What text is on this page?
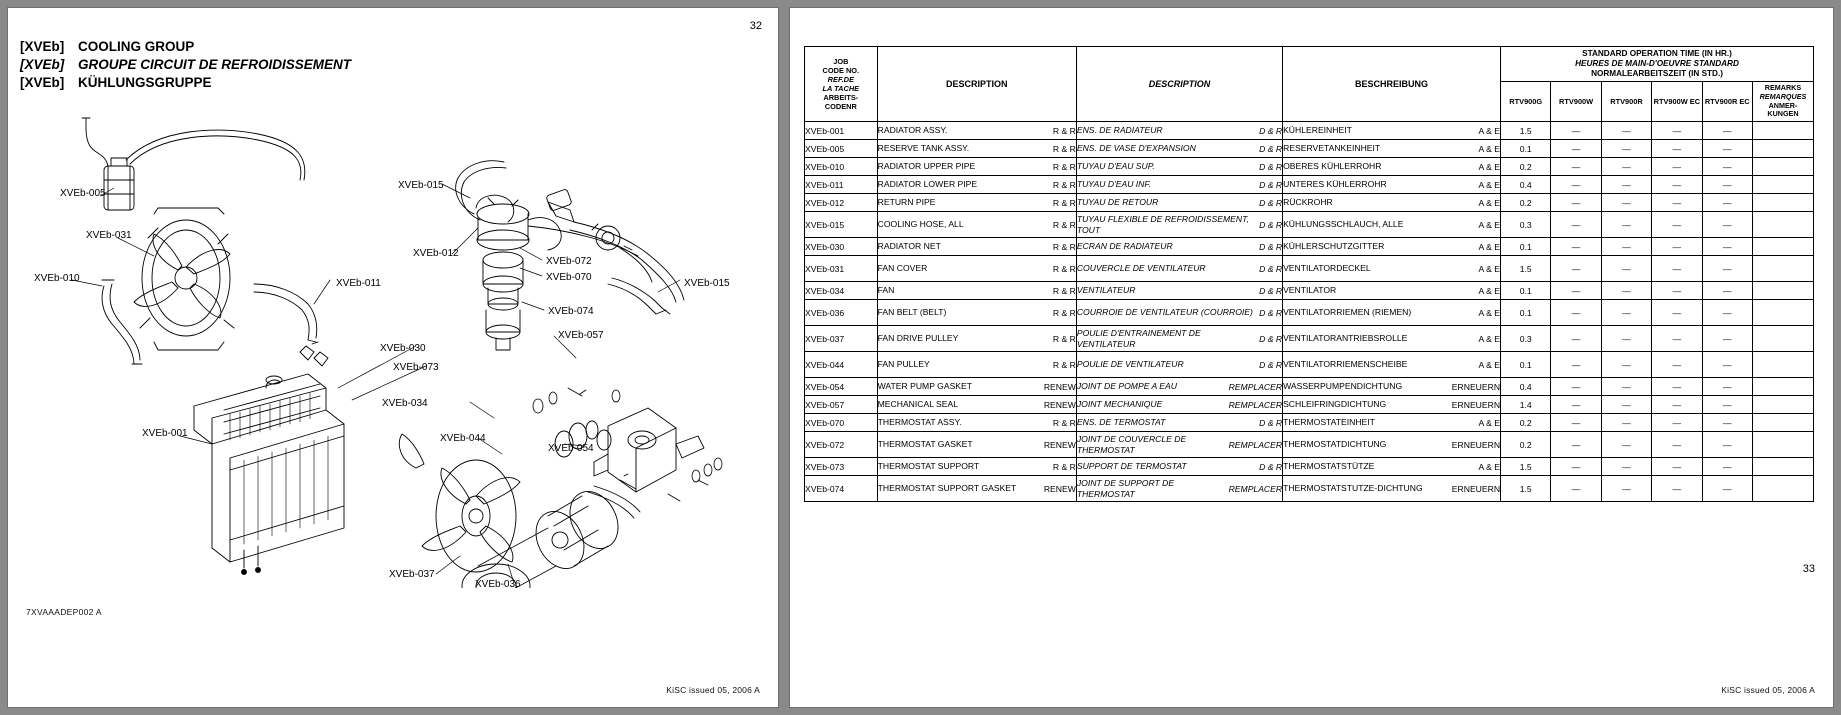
32
[XVEb] COOLING GROUP
[XVEb] GROUPE CIRCUIT DE REFROIDISSEMENT
[XVEb] KÜHLUNGSGRUPPE
XVEb-005
XVEb-031
XVEb-010	XVEb-011
XVEb-015
XVEb-012
XVEb-072
XVEb-070
XVEb-074
XVEb-015
XVEb-030
XVEb-073
XVEb-057
XVEb-034
XVEb-044
XVEb-001
XVEb-054
XVEb-037
XVEb-036
7XVAAADEP002 A
KiSC issued 05, 2006 A
JOB
CODE NO.
REF.DE
LA TACHE
ARBEITS-
CODENR	DESCRIPTION	DESCRIPTION	BESCHREIBUNG	
STANDARD OPERATION TIME (IN HR.)
HEURES DE MAIN-D'OEUVRE STANDARD
NORMALEARBEITSZEIT (IN STD.)

				RTV900G	RTV900W	RTV900R	RTV900W EC	RTV900R EC	REMARKS
REMARQUES
ANMER-
KUNGEN
XVEb-001	RADIATOR ASSY. R & R	ENS. DE RADIATEUR D & R	KÜHLEREINHEIT A & E	1.5	—	—	—	—	
XVEb-005	RESERVE TANK ASSY. R & R	ENS. DE VASE D'EXPANSION D & R	RESERVETANKEINHEIT A & E	0.1	—	—	—	—	
XVEb-010	RADIATOR UPPER PIPE R & R	TUYAU D'EAU SUP. D & R	OBERES KÜHLERROHR A & E	0.2	—	—	—	—	
XVEb-011	RADIATOR LOWER PIPE R & R	TUYAU D'EAU INF. D & R	UNTERES KÜHLERROHR A & E	0.4	—	—	—	—	
XVEb-012	RETURN PIPE R & R	TUYAU DE RETOUR D & R	RÜCKROHR A & E	0.2	—	—	—	—	
XVEb-015	COOLING HOSE, ALL R & R	TUYAU FLEXIBLE DE REFROIDISSEMENT, TOUT D & R	KÜHLUNGSSCHLAUCH, ALLE A & E	0.3	—	—	—	—	
XVEb-030	RADIATOR NET R & R	ECRAN DE RADIATEUR D & R	KÜHLERSCHUTZGITTER A & E	0.1	—	—	—	—	
XVEb-031	FAN COVER R & R	COUVERCLE DE VENTILATEUR D & R	VENTILATORDECKEL A & E	1.5	—	—	—	—	
XVEb-034	FAN R & R	VENTILATEUR D & R	VENTILATOR A & E	0.1	—	—	—	—	
XVEb-036	FAN BELT (BELT) R & R	COURROIE DE VENTILATEUR (COURROIE) D & R	VENTILATORRIEMEN (RIEMEN) A & E	0.1	—	—	—	—	
XVEb-037	FAN DRIVE PULLEY R & R	POULIE D'ENTRAINEMENT DE VENTILATEUR D & R	VENTILATORANTRIEBSROLLE A & E	0.3	—	—	—	—	
XVEb-044	FAN PULLEY R & R	POULIE DE VENTILATEUR D & R	VENTILATORRIEMENSCHEIBE A & E	0.1	—	—	—	—	
XVEb-054	WATER PUMP GASKET RENEW	JOINT DE POMPE A EAU REMPLACER	WASSERPUMPENDICHTUNG ERNEUERN	0.4	—	—	—	—	
XVEb-057	MECHANICAL SEAL RENEW	JOINT MECHANIQUE REMPLACER	SCHLEIFRINGDICHTUNG ERNEUERN	1.4	—	—	—	—	
XVEb-070	THERMOSTAT ASSY. R & R	ENS. DE TERMOSTAT D & R	THERMOSTATEINHEIT A & E	0.2	—	—	—	—	
XVEb-072	THERMOSTAT GASKET RENEW	JOINT DE COUVERCLE DE THERMOSTAT REMPLACER	THERMOSTATDICHTUNG ERNEUERN	0.2	—	—	—	—	
XVEb-073	THERMOSTAT SUPPORT R & R	SUPPORT DE TERMOSTAT D & R	THERMOSTATSTÜTZE A & E	1.5	—	—	—	—	
XVEb-074	THERMOSTAT SUPPORT GASKET RENEW	JOINT DE SUPPORT DE THERMOSTAT REMPLACER	THERMOSTATSTUTZE-DICHTUNG ERNEUERN	1.5	—	—	—	—	
33
KiSC issued 05, 2006 A
